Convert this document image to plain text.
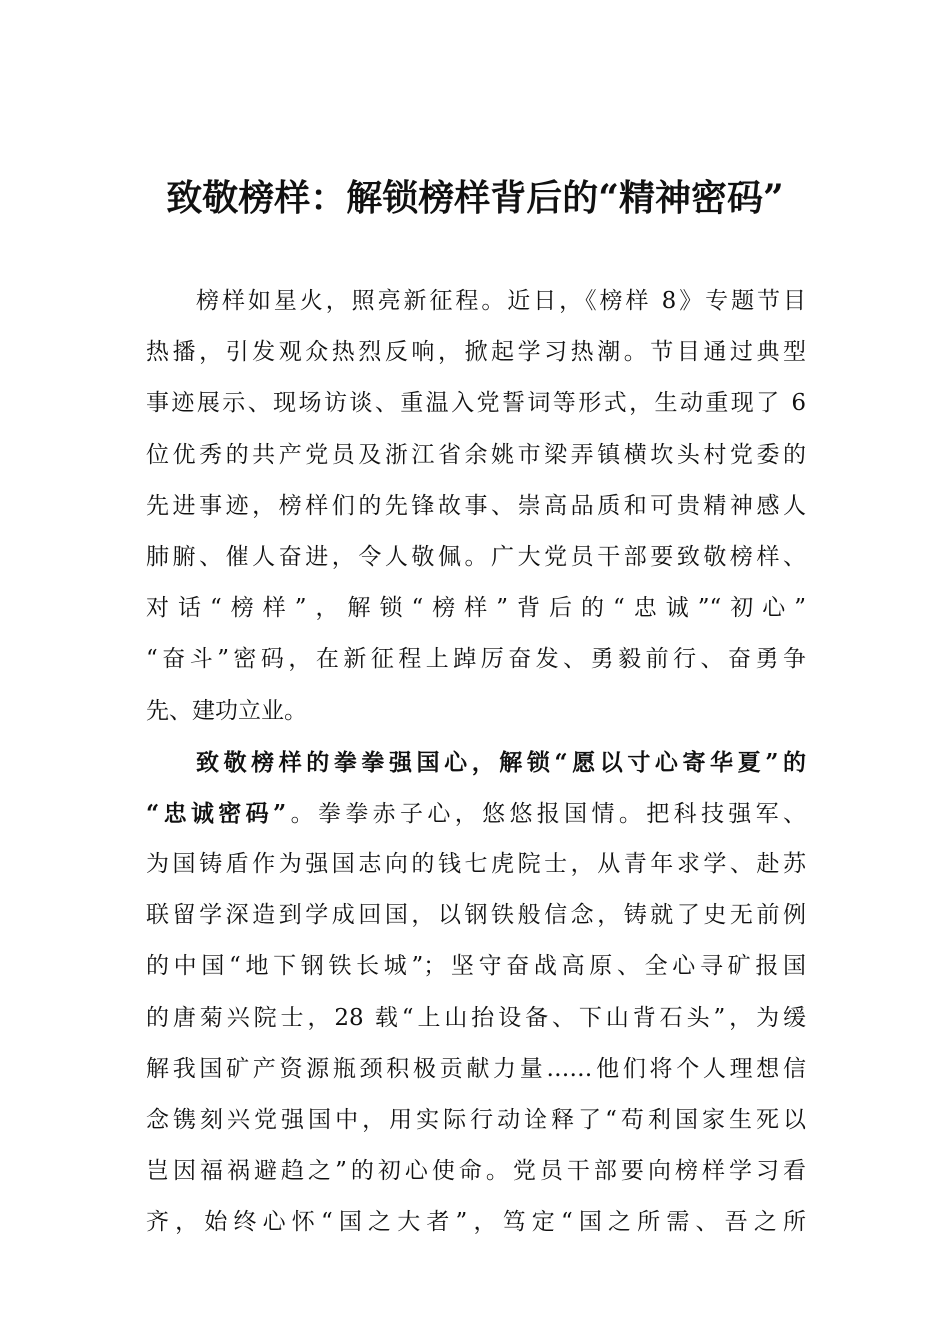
致敬榜样：解锁榜样背后的“精神密码”
榜样如星火，照亮新征程。近日，《榜样 8》专题节目
热播，引发观众热烈反响，掀起学习热潮。节目通过典型
事迹展示、现场访谈、重温入党誓词等形式，生动重现了 6
位优秀的共产党员及浙江省余姚市梁弄镇横坎头村党委的
先进事迹，榜样们的先锋故事、崇高品质和可贵精神感人
肺腑、催人奋进，令人敬佩。广大党员干部要致敬榜样、
对话“榜样”，解锁“榜样”背后的“忠诚”“初心”
“奋斗”密码，在新征程上踔厉奋发、勇毅前行、奋勇争
先、建功立业。
致敬榜样的拳拳强国心，解锁“愿以寸心寄华夏”的
“忠诚密码”。拳拳赤子心，悠悠报国情。把科技强军、
为国铸盾作为强国志向的钱七虎院士，从青年求学、赴苏
联留学深造到学成回国，以钢铁般信念，铸就了史无前例
的中国“地下钢铁长城”；坚守奋战高原、全心寻矿报国
的唐菊兴院士，28 载“上山抬设备、下山背石头”，为缓
解我国矿产资源瓶颈积极贡献力量……他们将个人理想信
念镌刻兴党强国中，用实际行动诠释了“苟利国家生死以
岂因福祸避趋之”的初心使命。党员干部要向榜样学习看
齐，始终心怀“国之大者”，笃定“国之所需、吾之所
